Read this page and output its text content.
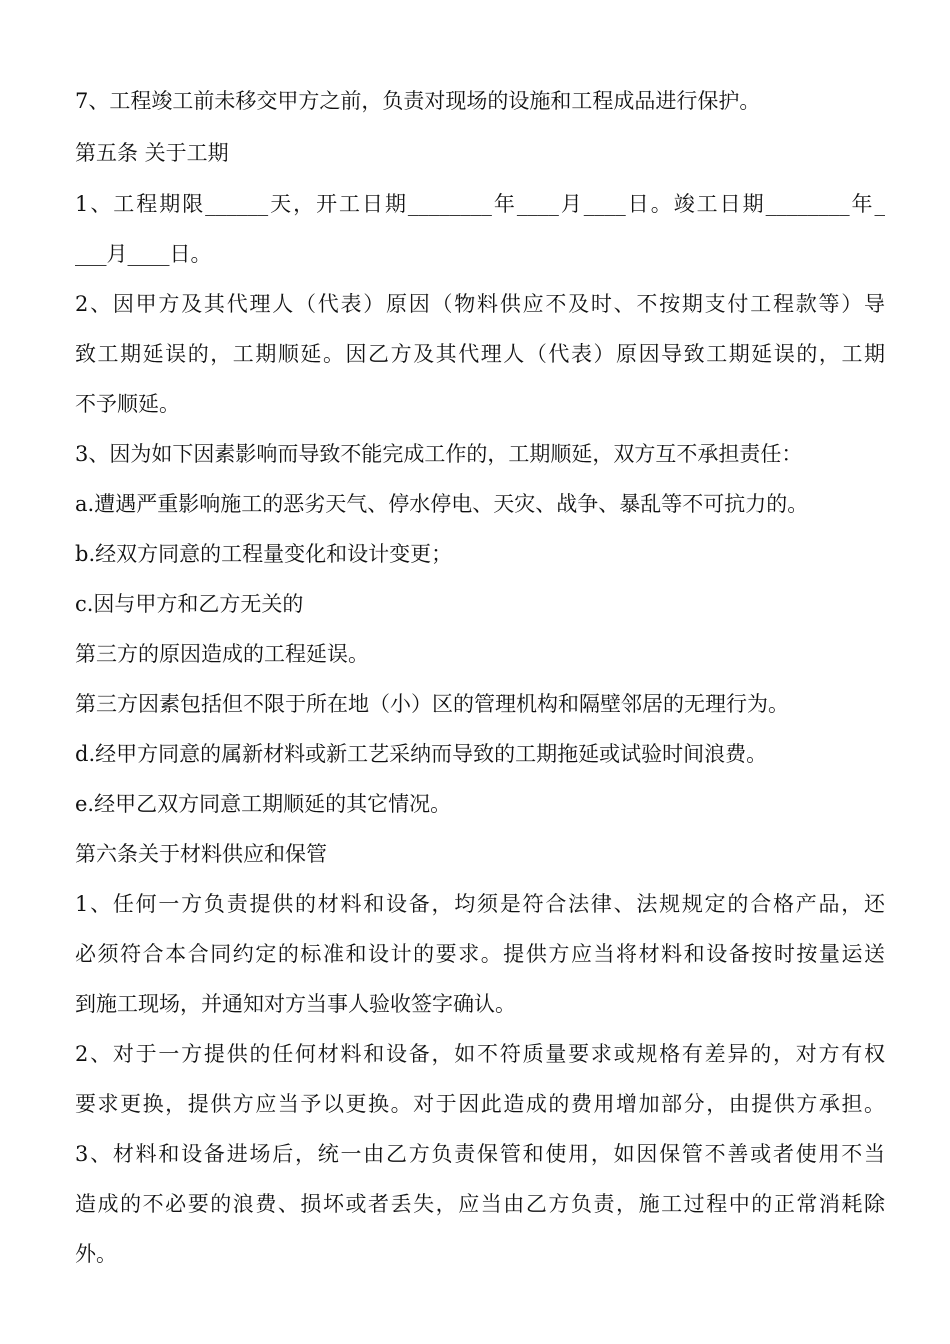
7、工程竣工前未移交甲方之前，负责对现场的设施和工程成品进行保护。
第五条 关于工期
1、工程期限______天，开工日期________年____月____日。竣工日期________年_
___月____日。
2、因甲方及其代理人（代表）原因（物料供应不及时、不按期支付工程款等）导
致工期延误的，工期顺延。因乙方及其代理人（代表）原因导致工期延误的，工期
不予顺延。
3、因为如下因素影响而导致不能完成工作的，工期顺延，双方互不承担责任：
a.遭遇严重影响施工的恶劣天气、停水停电、天灾、战争、暴乱等不可抗力的。
b.经双方同意的工程量变化和设计变更；
c.因与甲方和乙方无关的
第三方的原因造成的工程延误。
第三方因素包括但不限于所在地（小）区的管理机构和隔壁邻居的无理行为。
d.经甲方同意的属新材料或新工艺采纳而导致的工期拖延或试验时间浪费。
e.经甲乙双方同意工期顺延的其它情况。
第六条关于材料供应和保管
1、任何一方负责提供的材料和设备，均须是符合法律、法规规定的合格产品，还
必须符合本合同约定的标准和设计的要求。提供方应当将材料和设备按时按量运送
到施工现场，并通知对方当事人验收签字确认。
2、对于一方提供的任何材料和设备，如不符质量要求或规格有差异的，对方有权
要求更换，提供方应当予以更换。对于因此造成的费用增加部分，由提供方承担。
3、材料和设备进场后，统一由乙方负责保管和使用，如因保管不善或者使用不当
造成的不必要的浪费、损坏或者丢失，应当由乙方负责，施工过程中的正常消耗除
外。
